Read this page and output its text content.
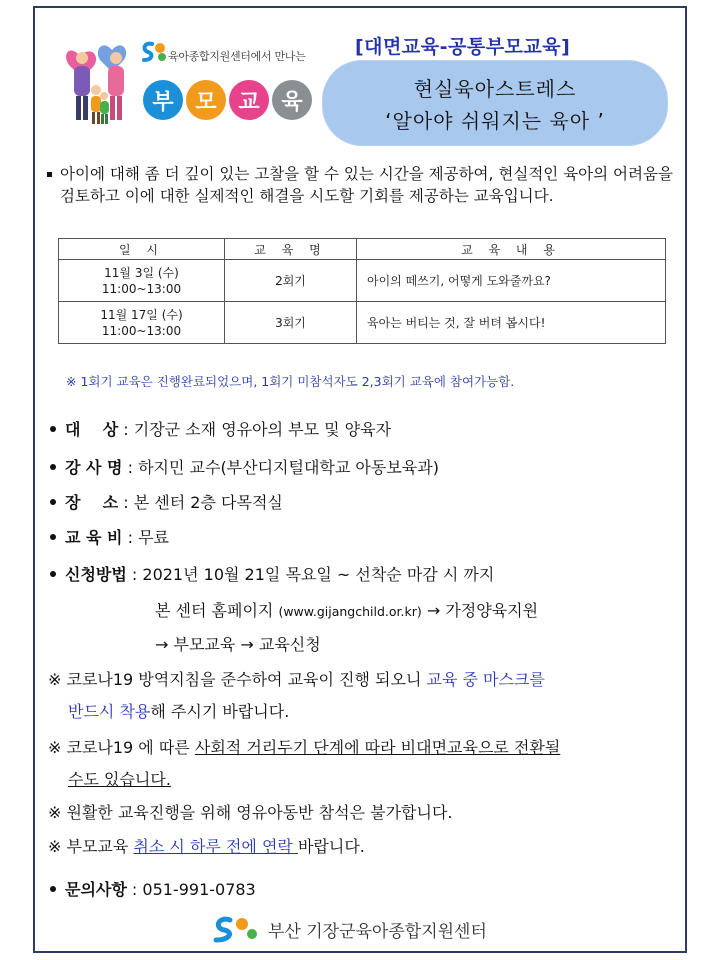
육아종합지원센터에서 만나는
부 모 교 육
[대면교육-공통부모교육]
현실육아스트레스
‘알아야 쉬워지는 육아 ’

아이에 대해 좀 더 깊이 있는 고찰을 할 수 있는 시간을 제공하여, 현실적인 육아의 어려움을 검토하고 이에 대한 실제적인 해결을 시도할 기회를 제공하는 교육입니다.

일 시	교 육 명	교 육 내 용
11월 3일 (수)
11:00~13:00	2회기	아이의 떼쓰기, 어떻게 도와줄까요?
11월 17일 (수)
11:00~13:00	3회기	육아는 버티는 것, 잘 버텨 봅시다!
※ 1회기 교육은 진행완료되었으며, 1회기 미참석자도 2,3회기 교육에 참여가능함.
대    상 : 기장군 소재 영유아의 부모 및 양육자
강 사 명 : 하지민 교수(부산디지털대학교 아동보육과)
장    소 : 본 센터 2층 다목적실
교 육 비 : 무료
신청방법 : 2021년 10월 21일 목요일 ~ 선착순 마감 시 까지
본 센터 홈페이지 (www.gijangchild.or.kr) → 가정양육지원
→ 부모교육 → 교육신청
※ 코로나19 방역지침을 준수하여 교육이 진행 되오니 교육 중 마스크를
반드시 착용해 주시기 바랍니다.
※ 코로나19 에 따른 사회적 거리두기 단계에 따라 비대면교육으로 전환될
수도 있습니다.
※ 원활한 교육진행을 위해 영유아동반 참석은 불가합니다.
※ 부모교육 취소 시 하루 전에 연락 바랍니다.
문의사항 : 051-991-0783
부산 기장군육아종합지원센터
